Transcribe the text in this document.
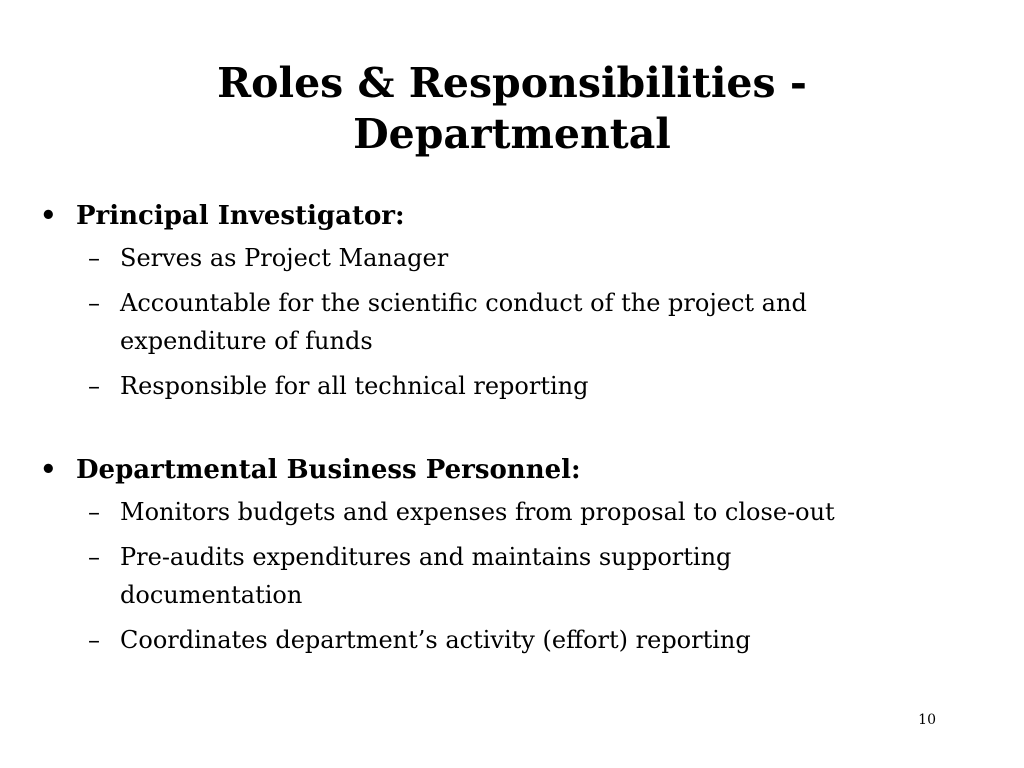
Roles & Responsibilities -
Departmental

• Principal Investigator:

– Serves as Project Manager
– Accountable for the scientific conduct of the project and expenditure of funds
– Responsible for all technical reporting

• Departmental Business Personnel:

– Monitors budgets and expenses from proposal to close-out
– Pre-audits expenditures and maintains supporting documentation
– Coordinates department’s activity (effort) reporting
10
